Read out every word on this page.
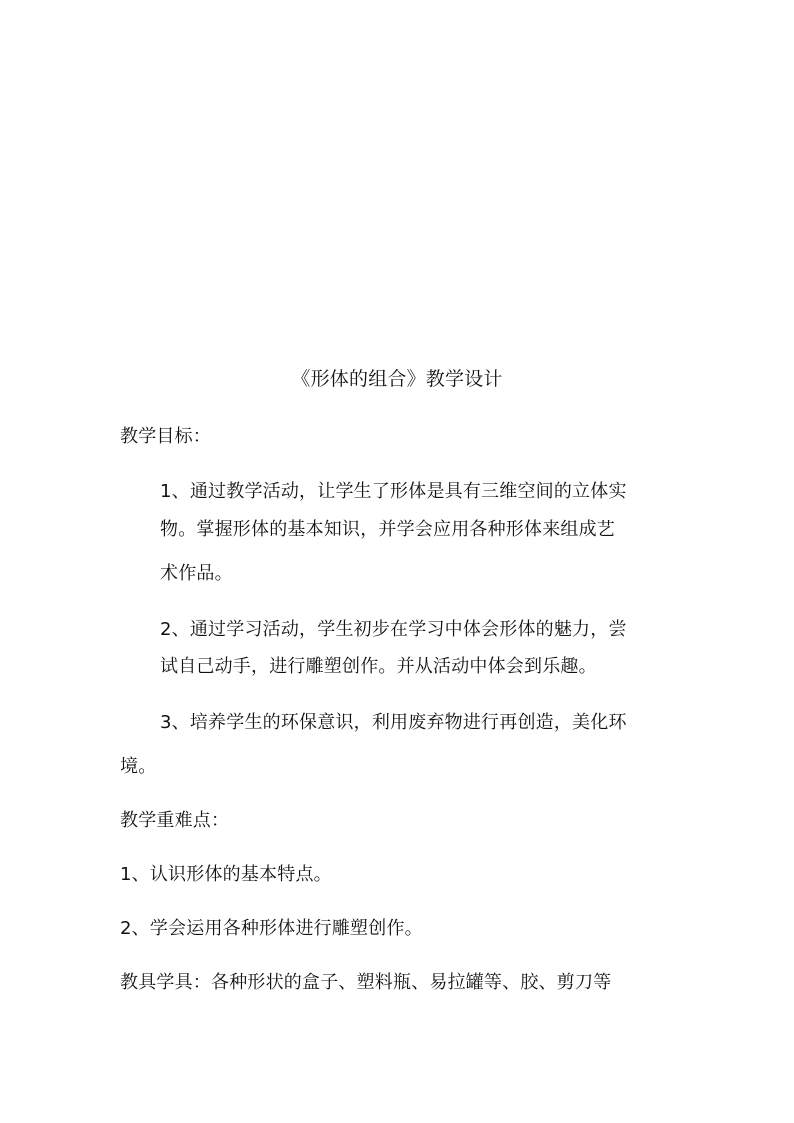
《形体的组合》教学设计
教学目标：
1、通过教学活动，让学生了形体是具有三维空间的立体实
物。掌握形体的基本知识，并学会应用各种形体来组成艺
术作品。
2、通过学习活动，学生初步在学习中体会形体的魅力，尝
试自己动手，进行雕塑创作。并从活动中体会到乐趣。
3、培养学生的环保意识，利用废弃物进行再创造，美化环
境。
教学重难点：
1、认识形体的基本特点。
2、学会运用各种形体进行雕塑创作。
教具学具：各种形状的盒子、塑料瓶、易拉罐等、胶、剪刀等
